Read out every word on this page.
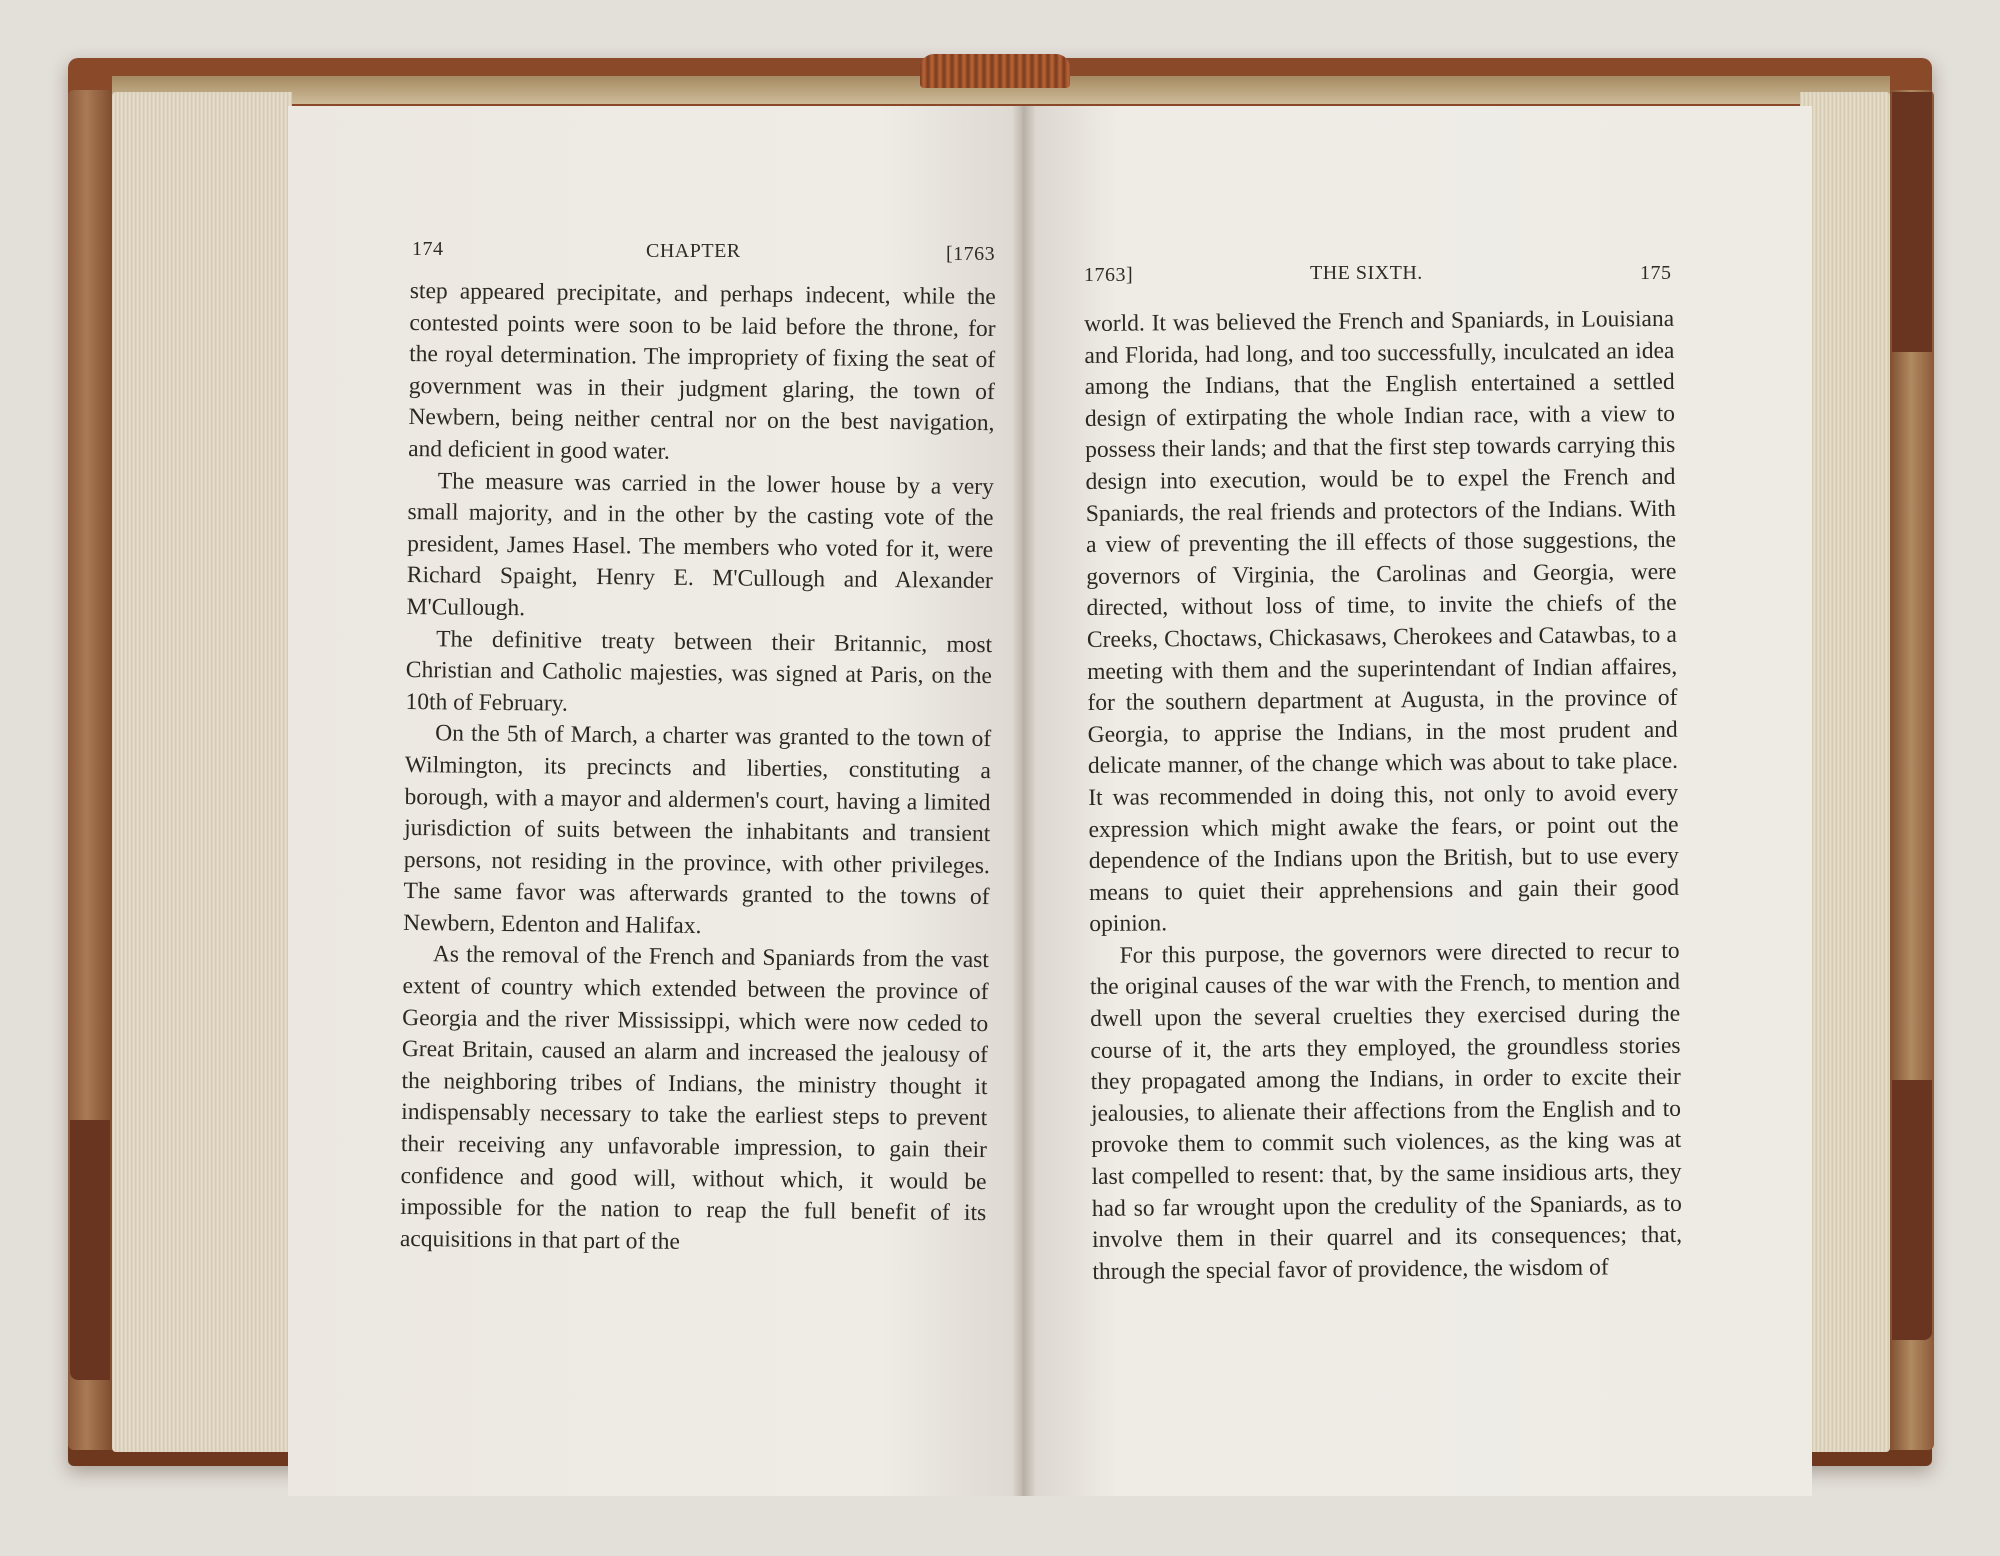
174	CHAPTER	[1763
1763]	THE SIXTH.	175

step appeared precipitate, and perhaps indecent, while the contested points were soon to be laid before the throne, for the royal determination. The impropriety of fixing the seat of government was in their judgment glaring, the town of Newbern, being neither central nor on the best navigation, and deficient in good water.

The measure was carried in the lower house by a very small majority, and in the other by the casting vote of the president, James Hasel. The members who voted for it, were Richard Spaight, Henry E. M'Cullough and Alexander M'Cullough.

The definitive treaty between their Britannic, most Christian and Catholic majesties, was signed at Paris, on the 10th of February.

On the 5th of March, a charter was granted to the town of Wilmington, its precincts and liberties, constituting a borough, with a mayor and aldermen's court, having a limited jurisdiction of suits between the inhabitants and transient persons, not residing in the province, with other privileges. The same favor was afterwards granted to the towns of Newbern, Edenton and Halifax.

As the removal of the French and Spaniards from the vast extent of country which extended between the province of Georgia and the river Mississippi, which were now ceded to Great Britain, caused an alarm and increased the jealousy of the neighboring tribes of Indians, the ministry thought it indispensably necessary to take the earliest steps to prevent their receiving any unfavorable impression, to gain their confidence and good will, without which, it would be impossible for the nation to reap the full benefit of its acquisitions in that part of the

world. It was believed the French and Spaniards, in Louisiana and Florida, had long, and too successfully, inculcated an idea among the Indians, that the English entertained a settled design of extirpating the whole Indian race, with a view to possess their lands; and that the first step towards carrying this design into execution, would be to expel the French and Spaniards, the real friends and protectors of the Indians. With a view of preventing the ill effects of those suggestions, the governors of Virginia, the Carolinas and Georgia, were directed, without loss of time, to invite the chiefs of the Creeks, Choctaws, Chickasaws, Cherokees and Catawbas, to a meeting with them and the superintendant of Indian affaires, for the southern department at Augusta, in the province of Georgia, to apprise the Indians, in the most prudent and delicate manner, of the change which was about to take place. It was recommended in doing this, not only to avoid every expression which might awake the fears, or point out the dependence of the Indians upon the British, but to use every means to quiet their apprehensions and gain their good opinion.

For this purpose, the governors were directed to recur to the original causes of the war with the French, to mention and dwell upon the several cruelties they exercised during the course of it, the arts they employed, the groundless stories they propagated among the Indians, in order to excite their jealousies, to alienate their affections from the English and to provoke them to commit such violences, as the king was at last compelled to resent: that, by the same insidious arts, they had so far wrought upon the credulity of the Spaniards, as to involve them in their quarrel and its consequences; that, through the special favor of providence, the wisdom of
